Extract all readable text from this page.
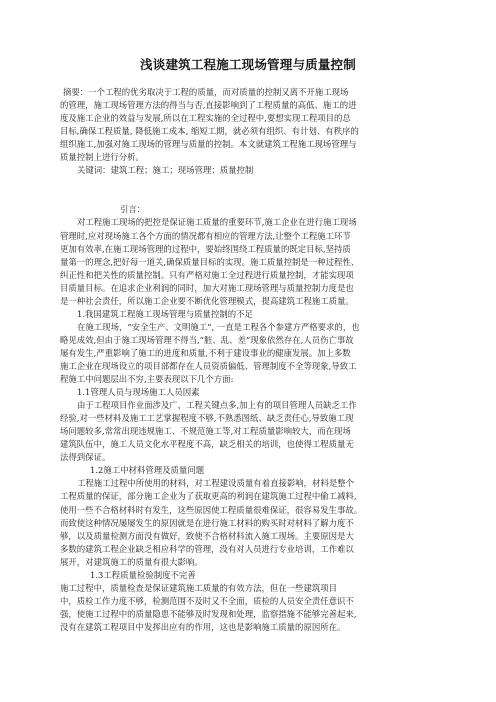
浅谈建筑工程施工现场管理与质量控制
摘要：一个工程的优劣取决于工程的质量，而对质量的控制又离不开施工现场
的管理，施工现场管理方法的得当与否,直接影响到了工程质量的高低、施工的进
度及施工企业的效益与发展,所以在工程实施的全过程中,要想实现工程项目的总
目标,确保工程质量, 降低施工成本, 缩短工期，就必须有组织、有计划、有秩序的
组织施工,加强对施工现场的管理与质量的控制。本文就建筑工程施工现场管理与
质量控制上进行分析。
关键词：建筑工程；施工；现场管理；质量控制
引言：
对工程施工现场的把控是保证施工质量的重要环节,施工企业在进行施工现场
管理时,应对现场施工各个方面的情况都有相应的管理方法,让整个工程施工环节
更加有效率,在施工现场管理的过程中，要始终围绕工程质量的既定目标,坚持质
量第一的理念,把好每一道关,确保质量目标的实现。施工质量控制是一种过程性、
纠正性和把关性的质量控制。只有严格对施工全过程进行质量控制，才能实现项
目质量目标。在追求企业利润的同时，加大对施工现场管理与质量控制力度是也
是一种社会责任，所以施工企业要不断优化管理模式，提高建筑工程施工质量。
1.我国建筑工程施工现场管理与质量控制的不足
在施工现场，“安全生产、文明施工”, 一直是工程各个参建方严格要求的，也
略见成效,但由于施工现场管理不得当,“脏、乱、差”现象依然存在,人员伤亡事故
屡有发生,严重影响了施工的进度和质量,不利于建设事业的健康发展。加上多数
施工企业在现场设立的项目部都存在人员资质偏低、管理制度不全等现象,导致工
程施工中问题层出不穷,主要表现以下几个方面:
1.1管理人员与现场施工人员因素
由于工程项目作业面涉及广，工程关键点多,加上有的项目管理人员缺乏工作
经验,对一些材料及施工工艺掌握程度不够,不熟悉图纸、缺乏责任心,导致施工现
场问题较多,常常出现违规施工、不规范施工等,对工程质量影响较大，而在现场
建筑队伍中，施工人员文化水平程度不高，缺乏相关的培训，也使得工程质量无
法得到保证。
1.2施工中材料管理及质量问题
工程施工过程中所使用的材料，对工程建设质量有着直接影响，材料是整个
工程质量的保证，部分施工企业为了获取更高的利润在建筑施工过程中偷工减料,
使用一些不合格材料时有发生，这些原因使工程质量很难保证，很容易发生事故。
而致使这种情况屡屡发生的原因就是在进行施工材料的购买时对材料了解力度不
够，以及质量检测方面没有做好，致使不合格材料流入施工现场。主要原因是大
多数的建筑工程企业缺乏相应科学的管理，没有对人员进行专业培训，工作难以
展开，对建筑施工的质量有很大影响。
1.3工程质量检验制度不完善
施工过程中，质量检查是保证建筑施工质量的有效方法，但在一些建筑项目
中，质检工作力度不够，检测范围不及时又不全面，质检的人员安全责任意识不
强，使施工过程中的质量隐患不能够及时发现和处理，监察措施不能够完善起来,
没有在建筑工程项目中发挥出应有的作用，这也是影响施工质量的原因所在。
